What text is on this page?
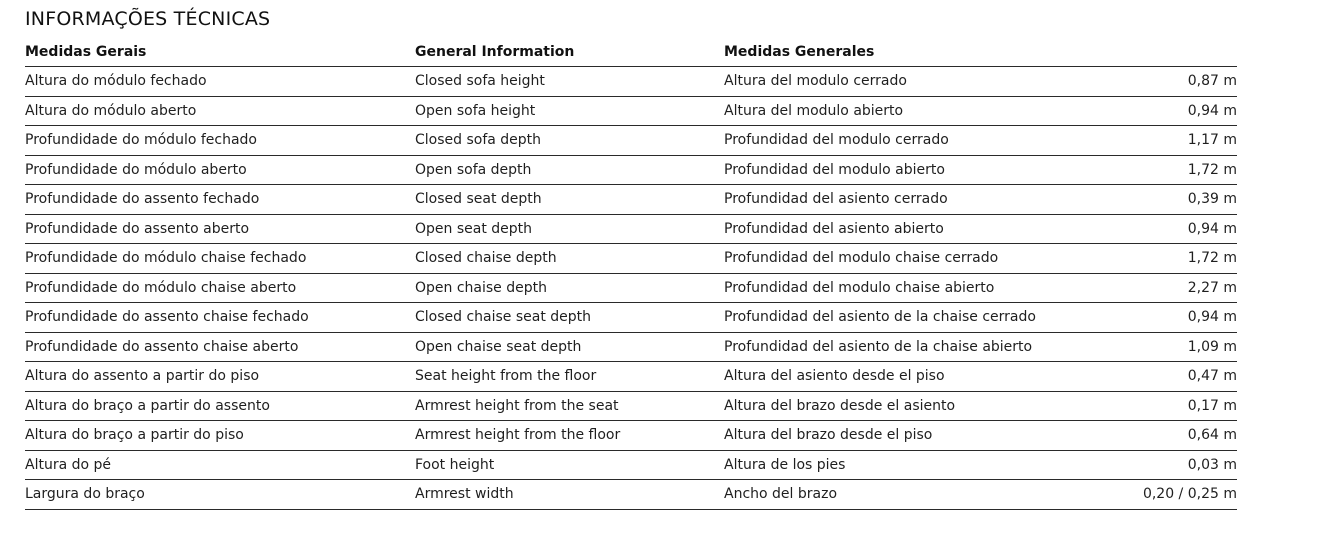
INFORMAÇÕES TÉCNICAS
Medidas Gerais	General Information	Medidas Generales	
Altura do módulo fechado	Closed sofa height	Altura del modulo cerrado	0,87 m
Altura do módulo aberto	Open sofa height	Altura del modulo abierto	0,94 m
Profundidade do módulo fechado	Closed sofa depth	Profundidad del modulo cerrado	1,17 m
Profundidade do módulo aberto	Open sofa depth	Profundidad del modulo abierto	1,72 m
Profundidade do assento fechado	Closed seat depth	Profundidad del asiento cerrado	0,39 m
Profundidade do assento aberto	Open seat depth	Profundidad del asiento abierto	0,94 m
Profundidade do módulo chaise fechado	Closed chaise depth	Profundidad del modulo chaise cerrado	1,72 m
Profundidade do módulo chaise aberto	Open chaise depth	Profundidad del modulo chaise abierto	2,27 m
Profundidade do assento chaise fechado	Closed chaise seat depth	Profundidad del asiento de la chaise cerrado	0,94 m
Profundidade do assento chaise aberto	Open chaise seat depth	Profundidad del asiento de la chaise abierto	1,09 m
Altura do assento a partir do piso	Seat height from the floor	Altura del asiento desde el piso	0,47 m
Altura do braço a partir do assento	Armrest height from the seat	Altura del brazo desde el asiento	0,17 m
Altura do braço a partir do piso	Armrest height from the floor	Altura del brazo desde el piso	0,64 m
Altura do pé	Foot height	Altura de los pies	0,03 m
Largura do braço	Armrest width	Ancho del brazo	0,20 / 0,25 m
